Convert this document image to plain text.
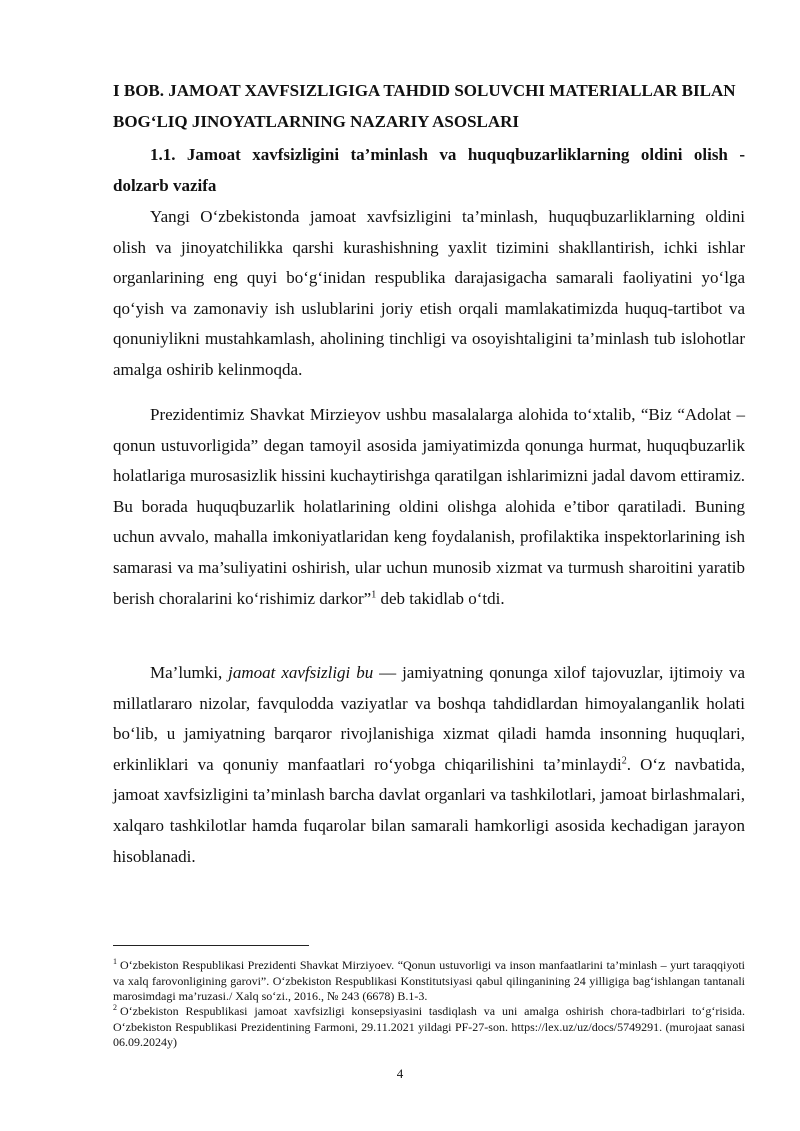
I BOB. JAMOAT XAVFSIZLIGIGA TAHDID SOLUVCHI MATERIALLAR BILAN BOG‘LIQ JINOYATLARNING NAZARIY ASOSLARI
1.1. Jamoat xavfsizligini ta’minlash va huquqbuzarliklarning oldini olish - dolzarb vazifa

Yangi O‘zbekistonda jamoat xavfsizligini ta’minlash, huquqbuzarliklarning oldini olish va jinoyatchilikka qarshi kurashishning yaxlit tizimini shakllantirish, ichki ishlar organlarining eng quyi bo‘g‘inidan respublika darajasigacha samarali faoliyatini yo‘lga qo‘yish va zamonaviy ish uslublarini joriy etish orqali mamlakatimizda huquq-tartibot va qonuniylikni mustahkamlash, aholining tinchligi va osoyishtaligini ta’minlash tub islohotlar amalga oshirib kelinmoqda.

Prezidentimiz Shavkat Mirzieyov ushbu masalalarga alohida to‘xtalib, “Biz “Adolat – qonun ustuvorligida” degan tamoyil asosida jamiyatimizda qonunga hurmat, huquqbuzarlik holatlariga murosasizlik hissini kuchaytirishga qaratilgan ishlarimizni jadal davom ettiramiz. Bu borada huquqbuzarlik holatlarining oldini olishga alohida e’tibor qaratiladi. Buning uchun avvalo, mahalla imkoniyatlaridan keng foydalanish, profilaktika inspektorlarining ish samarasi va ma’suliyatini oshirish, ular uchun munosib xizmat va turmush sharoitini yaratib berish choralarini ko‘rishimiz darkor”$^1$ deb takidlab o‘tdi.

Ma’lumki, jamoat xavfsizligi bu — jamiyatning qonunga xilof tajovuzlar, ijtimoiy va millatlararo nizolar, favqulodda vaziyatlar va boshqa tahdidlardan himoyalanganlik holati bo‘lib, u jamiyatning barqaror rivojlanishiga xizmat qiladi hamda insonning huquqlari, erkinliklari va qonuniy manfaatlari ro‘yobga chiqarilishini ta’minlaydi$^2$. O‘z navbatida, jamoat xavfsizligini ta’minlash barcha davlat organlari va tashkilotlari, jamoat birlashmalari, xalqaro tashkilotlar hamda fuqarolar bilan samarali hamkorligi asosida kechadigan jarayon hisoblanadi.

$^1$ O‘zbekiston Respublikasi Prezidenti Shavkat Mirziyoev. “Qonun ustuvorligi va inson manfaatlarini ta’minlash – yurt taraqqiyoti va xalq farovonligining garovi”. O‘zbekiston Respublikasi Konstitutsiyasi qabul qilinganining 24 yilligiga bag‘ishlangan tantanali marosimdagi ma’ruzasi./ Xalq so‘zi., 2016., № 243 (6678) B.1-3.

$^2$ O‘zbekiston Respublikasi jamoat xavfsizligi konsepsiyasini tasdiqlash va uni amalga oshirish chora-tadbirlari to‘g‘risida. O‘zbekiston Respublikasi Prezidentining Farmoni, 29.11.2021 yildagi PF-27-son. https://lex.uz/uz/docs/5749291. (murojaat sanasi 06.09.2024y)

4
